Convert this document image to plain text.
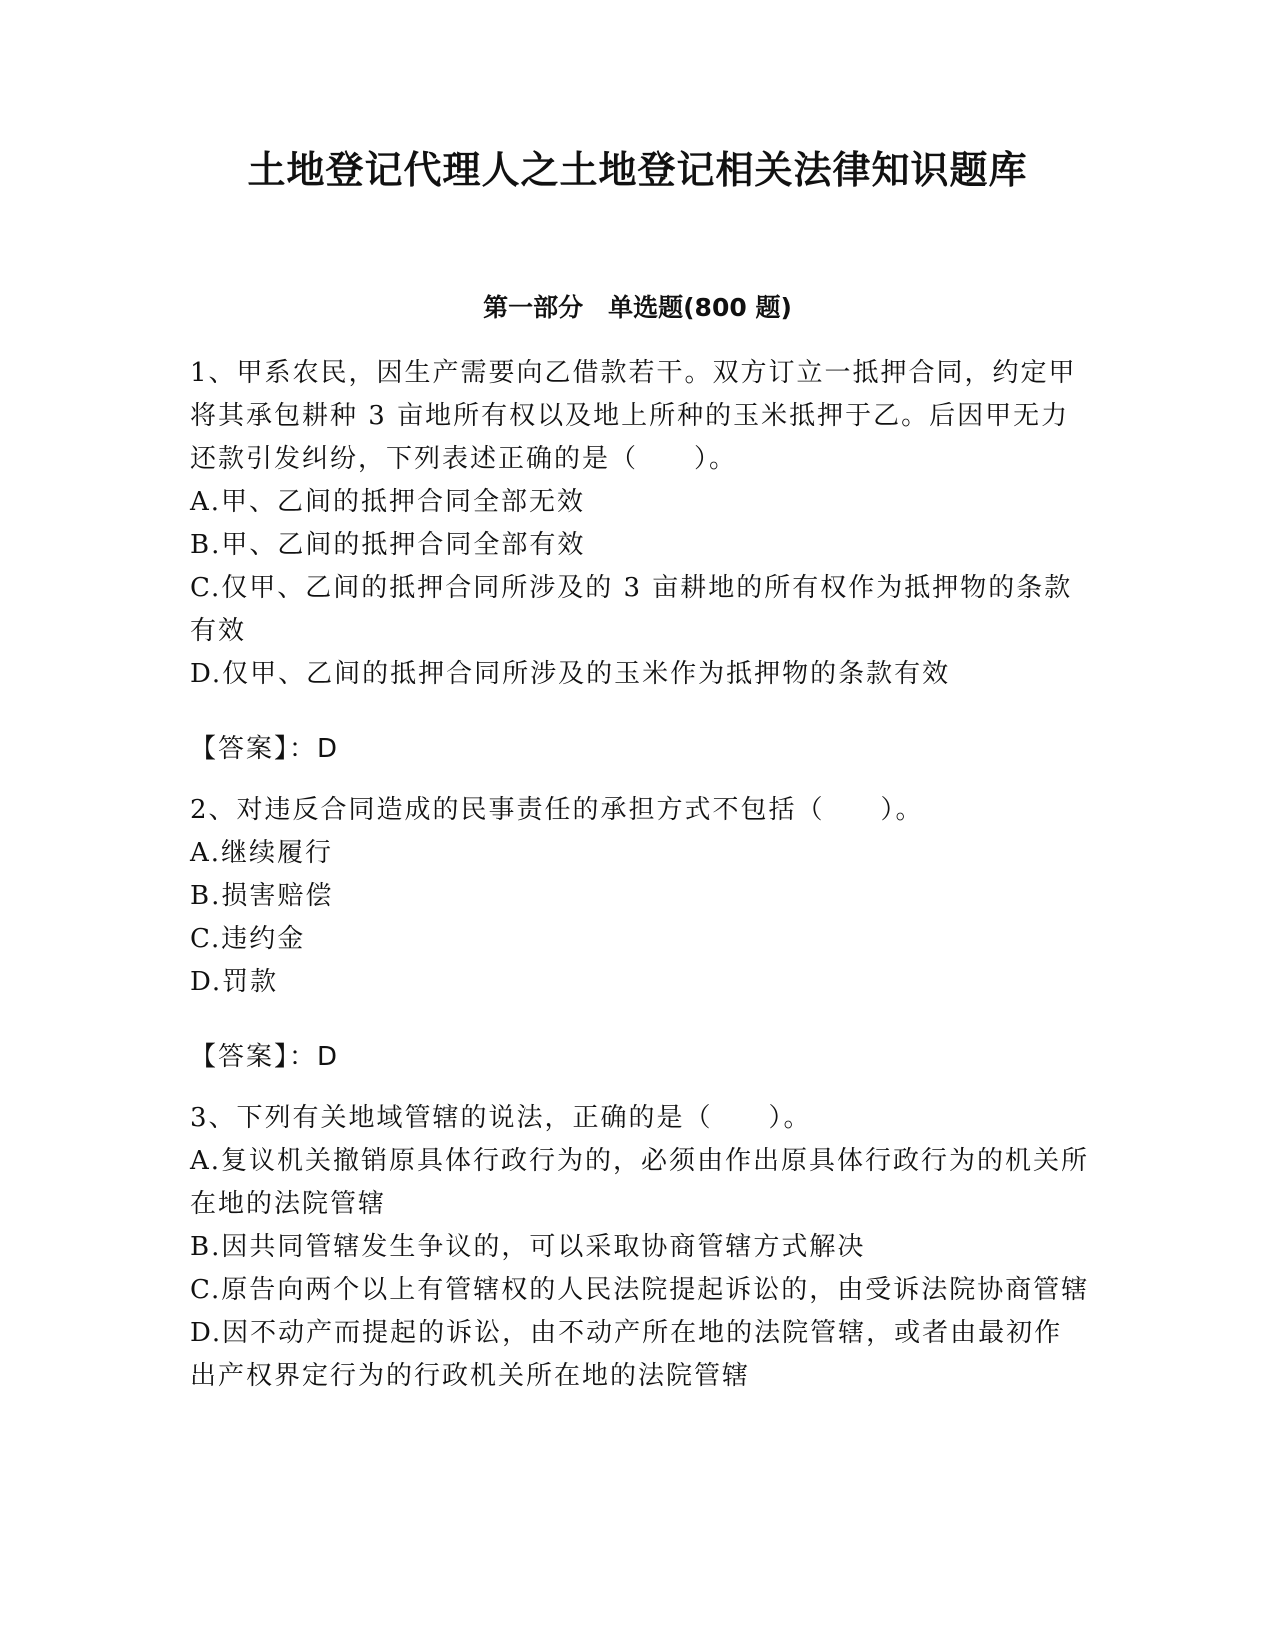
土地登记代理人之土地登记相关法律知识题库
第一部分　单选题(800 题)

1、甲系农民，因生产需要向乙借款若干。双方订立一抵押合同，约定甲将其承包耕种 3 亩地所有权以及地上所种的玉米抵押于乙。后因甲无力还款引发纠纷，下列表述正确的是（　　）。

A.甲、乙间的抵押合同全部无效

B.甲、乙间的抵押合同全部有效

C.仅甲、乙间的抵押合同所涉及的 3 亩耕地的所有权作为抵押物的条款有效

D.仅甲、乙间的抵押合同所涉及的玉米作为抵押物的条款有效

【答案】：D

2、对违反合同造成的民事责任的承担方式不包括（　　）。

A.继续履行

B.损害赔偿

C.违约金

D.罚款

【答案】：D

3、下列有关地域管辖的说法，正确的是（　　）。

A.复议机关撤销原具体行政行为的，必须由作出原具体行政行为的机关所在地的法院管辖

B.因共同管辖发生争议的，可以采取协商管辖方式解决

C.原告向两个以上有管辖权的人民法院提起诉讼的，由受诉法院协商管辖

D.因不动产而提起的诉讼，由不动产所在地的法院管辖，或者由最初作出产权界定行为的行政机关所在地的法院管辖
